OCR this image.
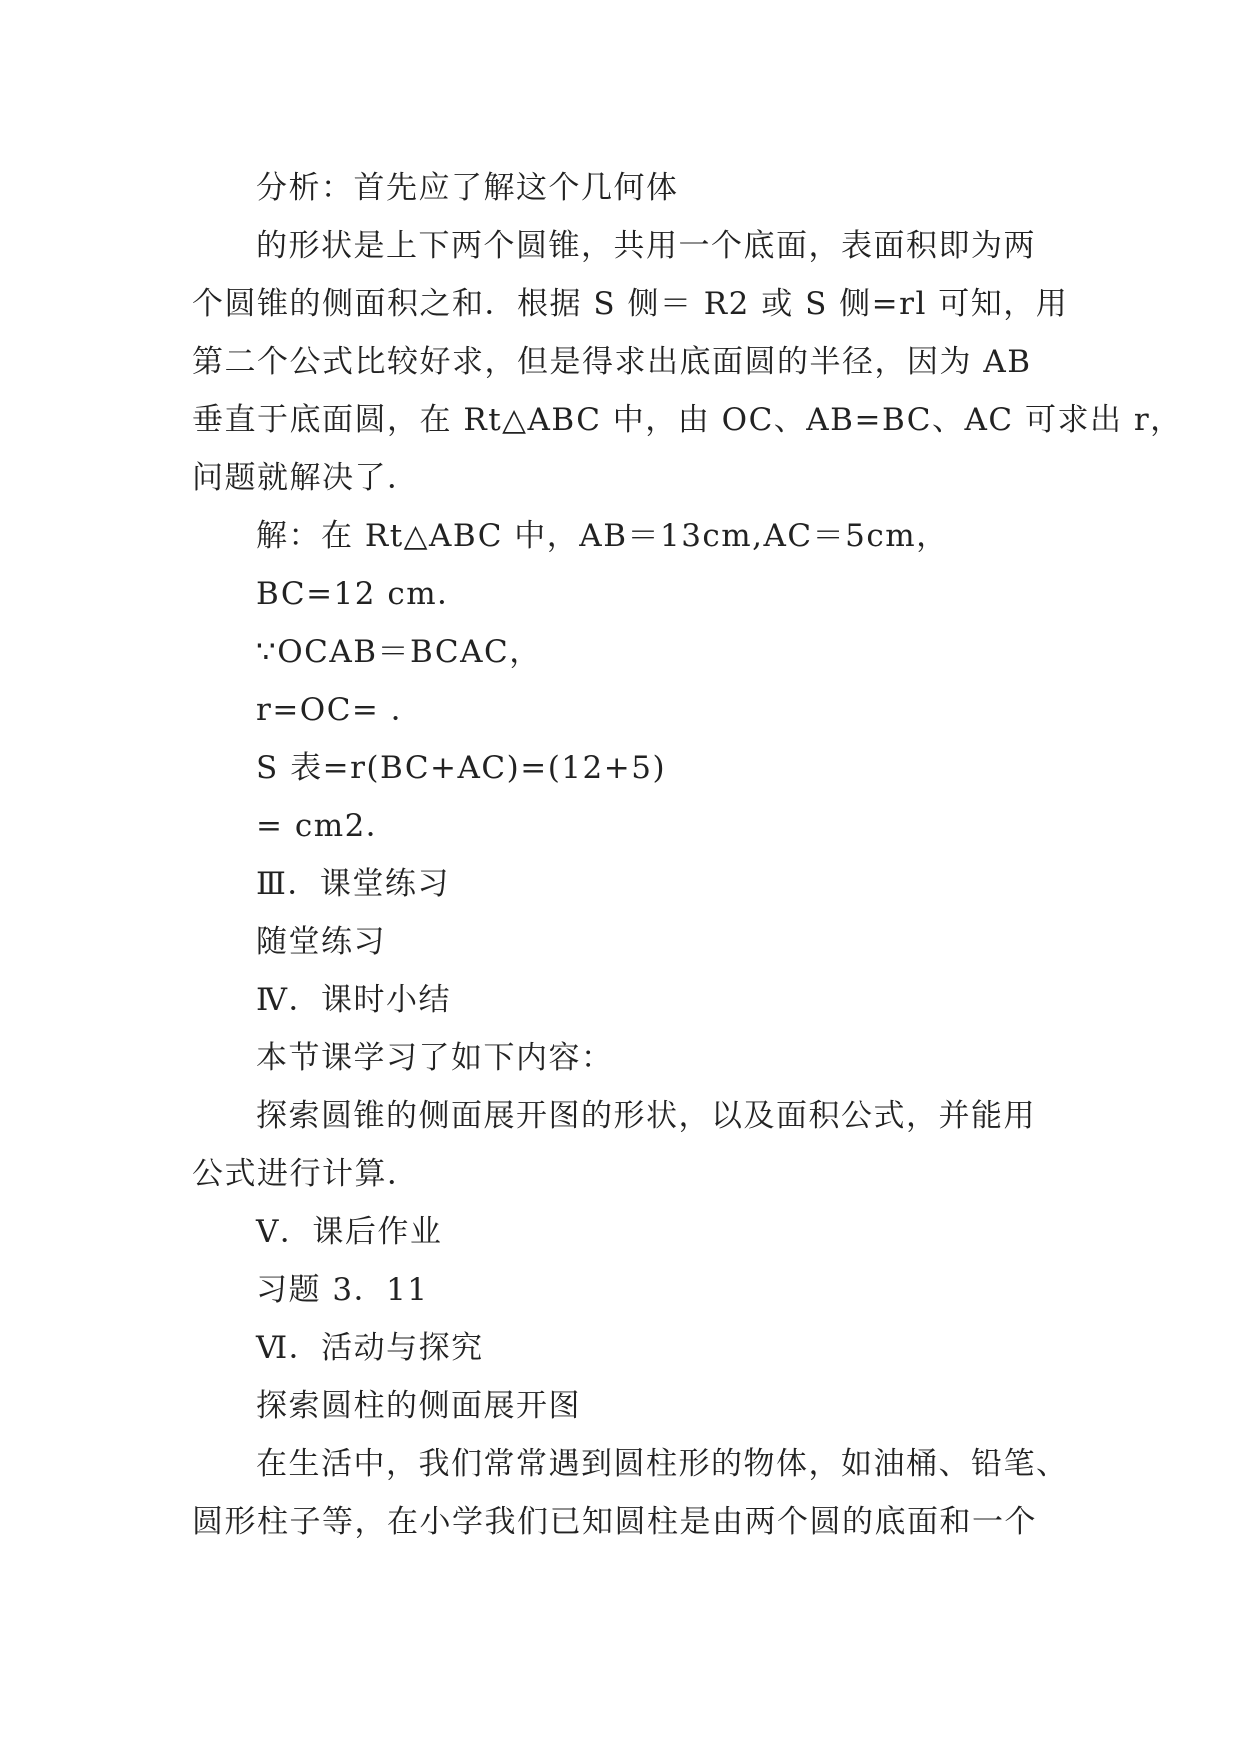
分析：首先应了解这个几何体
的形状是上下两个圆锥，共用一个底面，表面积即为两
个圆锥的侧面积之和．根据 S 侧＝ R2 或 S 侧=rl 可知，用
第二个公式比较好求，但是得求出底面圆的半径，因为 AB
垂直于底面圆，在 Rt△ABC 中，由 OC、AB=BC、AC 可求出 r，
问题就解决了．
解：在 Rt△ABC 中，AB＝13cm,AC＝5cm，
BC=12 cm．
∵OCAB＝BCAC，
r=OC= ．
S 表=r(BC+AC)=(12+5)
= cm2．
Ⅲ．课堂练习
随堂练习
Ⅳ．课时小结
本节课学习了如下内容：
探索圆锥的侧面展开图的形状，以及面积公式，并能用
公式进行计算．
Ⅴ．课后作业
习题 3．11
Ⅵ．活动与探究
探索圆柱的侧面展开图
在生活中，我们常常遇到圆柱形的物体，如油桶、铅笔、
圆形柱子等，在小学我们已知圆柱是由两个圆的底面和一个
